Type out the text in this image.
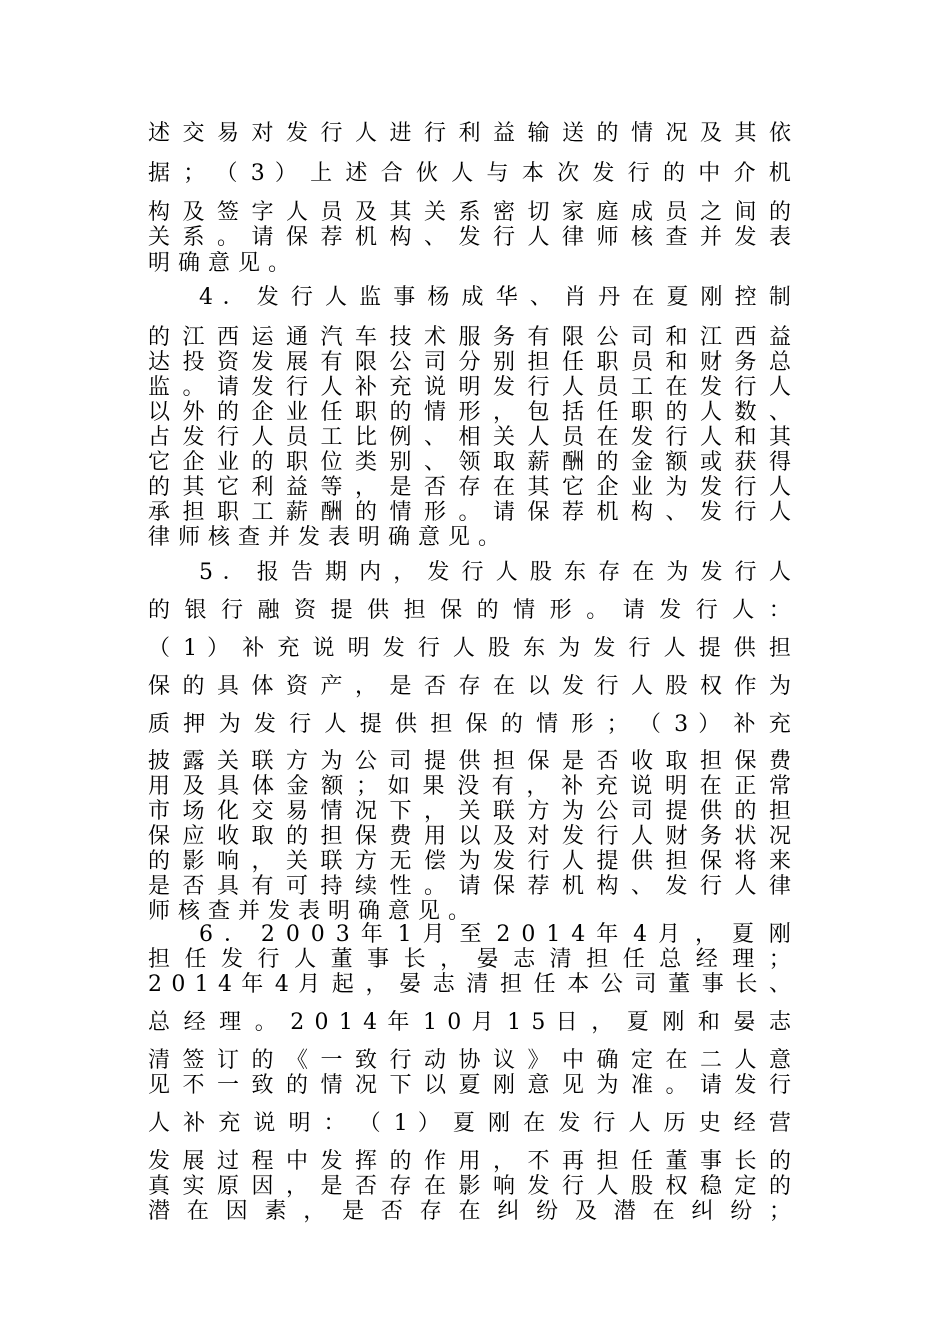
述 交 易 对 发 行 人 进 行 利 益 输 送 的 情 况 及 其 依
据 ； （ 3 ） 上 述 合 伙 人 与 本 次 发 行 的 中 介 机
构 及 签 字 人 员 及 其 关 系 密 切 家 庭 成 员 之 间 的
关 系 。 请 保 荐 机 构 、 发 行 人 律 师 核 查 并 发 表
明确意见。
4 ． 发 行 人 监 事 杨 成 华 、 肖 丹 在 夏 刚 控 制
的 江 西 运 通 汽 车 技 术 服 务 有 限 公 司 和 江 西 益
达 投 资 发 展 有 限 公 司 分 别 担 任 职 员 和 财 务 总
监 。 请 发 行 人 补 充 说 明 发 行 人 员 工 在 发 行 人
以 外 的 企 业 任 职 的 情 形 ， 包 括 任 职 的 人 数 、
占 发 行 人 员 工 比 例 、 相 关 人 员 在 发 行 人 和 其
它 企 业 的 职 位 类 别 、 领 取 薪 酬 的 金 额 或 获 得
的 其 它 利 益 等 ， 是 否 存 在 其 它 企 业 为 发 行 人
承 担 职 工 薪 酬 的 情 形 。 请 保 荐 机 构 、 发 行 人
律师核查并发表明确意见。
5 ． 报 告 期 内 ， 发 行 人 股 东 存 在 为 发 行 人
的 银 行 融 资 提 供 担 保 的 情 形 。 请 发 行 人 ：
（ 1 ） 补 充 说 明 发 行 人 股 东 为 发 行 人 提 供 担
保 的 具 体 资 产 ， 是 否 存 在 以 发 行 人 股 权 作 为
质 押 为 发 行 人 提 供 担 保 的 情 形 ； （ 3 ） 补 充
披 露 关 联 方 为 公 司 提 供 担 保 是 否 收 取 担 保 费
用 及 具 体 金 额 ； 如 果 没 有 ， 补 充 说 明 在 正 常
市 场 化 交 易 情 况 下 ， 关 联 方 为 公 司 提 供 的 担
保 应 收 取 的 担 保 费 用 以 及 对 发 行 人 财 务 状 况
的 影 响 ， 关 联 方 无 偿 为 发 行 人 提 供 担 保 将 来
是 否 具 有 可 持 续 性 。 请 保 荐 机 构 、 发 行 人 律
师核查并发表明确意见。
6 ． 2 0 0 3 年 1 月 至 2 0 1 4 年 4 月 ， 夏 刚
担 任 发 行 人 董 事 长 ， 晏 志 清 担 任 总 经 理 ；
2 0 1 4 年 4 月 起 ， 晏 志 清 担 任 本 公 司 董 事 长 、
总 经 理 。 2 0 1 4 年 1 0 月 1 5 日 ， 夏 刚 和 晏 志
清 签 订 的 《 一 致 行 动 协 议 》 中 确 定 在 二 人 意
见 不 一 致 的 情 况 下 以 夏 刚 意 见 为 准 。 请 发 行
人 补 充 说 明 ： （ 1 ） 夏 刚 在 发 行 人 历 史 经 营
发 展 过 程 中 发 挥 的 作 用 ， 不 再 担 任 董 事 长 的
真 实 原 因 ， 是 否 存 在 影 响 发 行 人 股 权 稳 定 的
潜 在 因 素 ， 是 否 存 在 纠 纷 及 潜 在 纠 纷 ；
